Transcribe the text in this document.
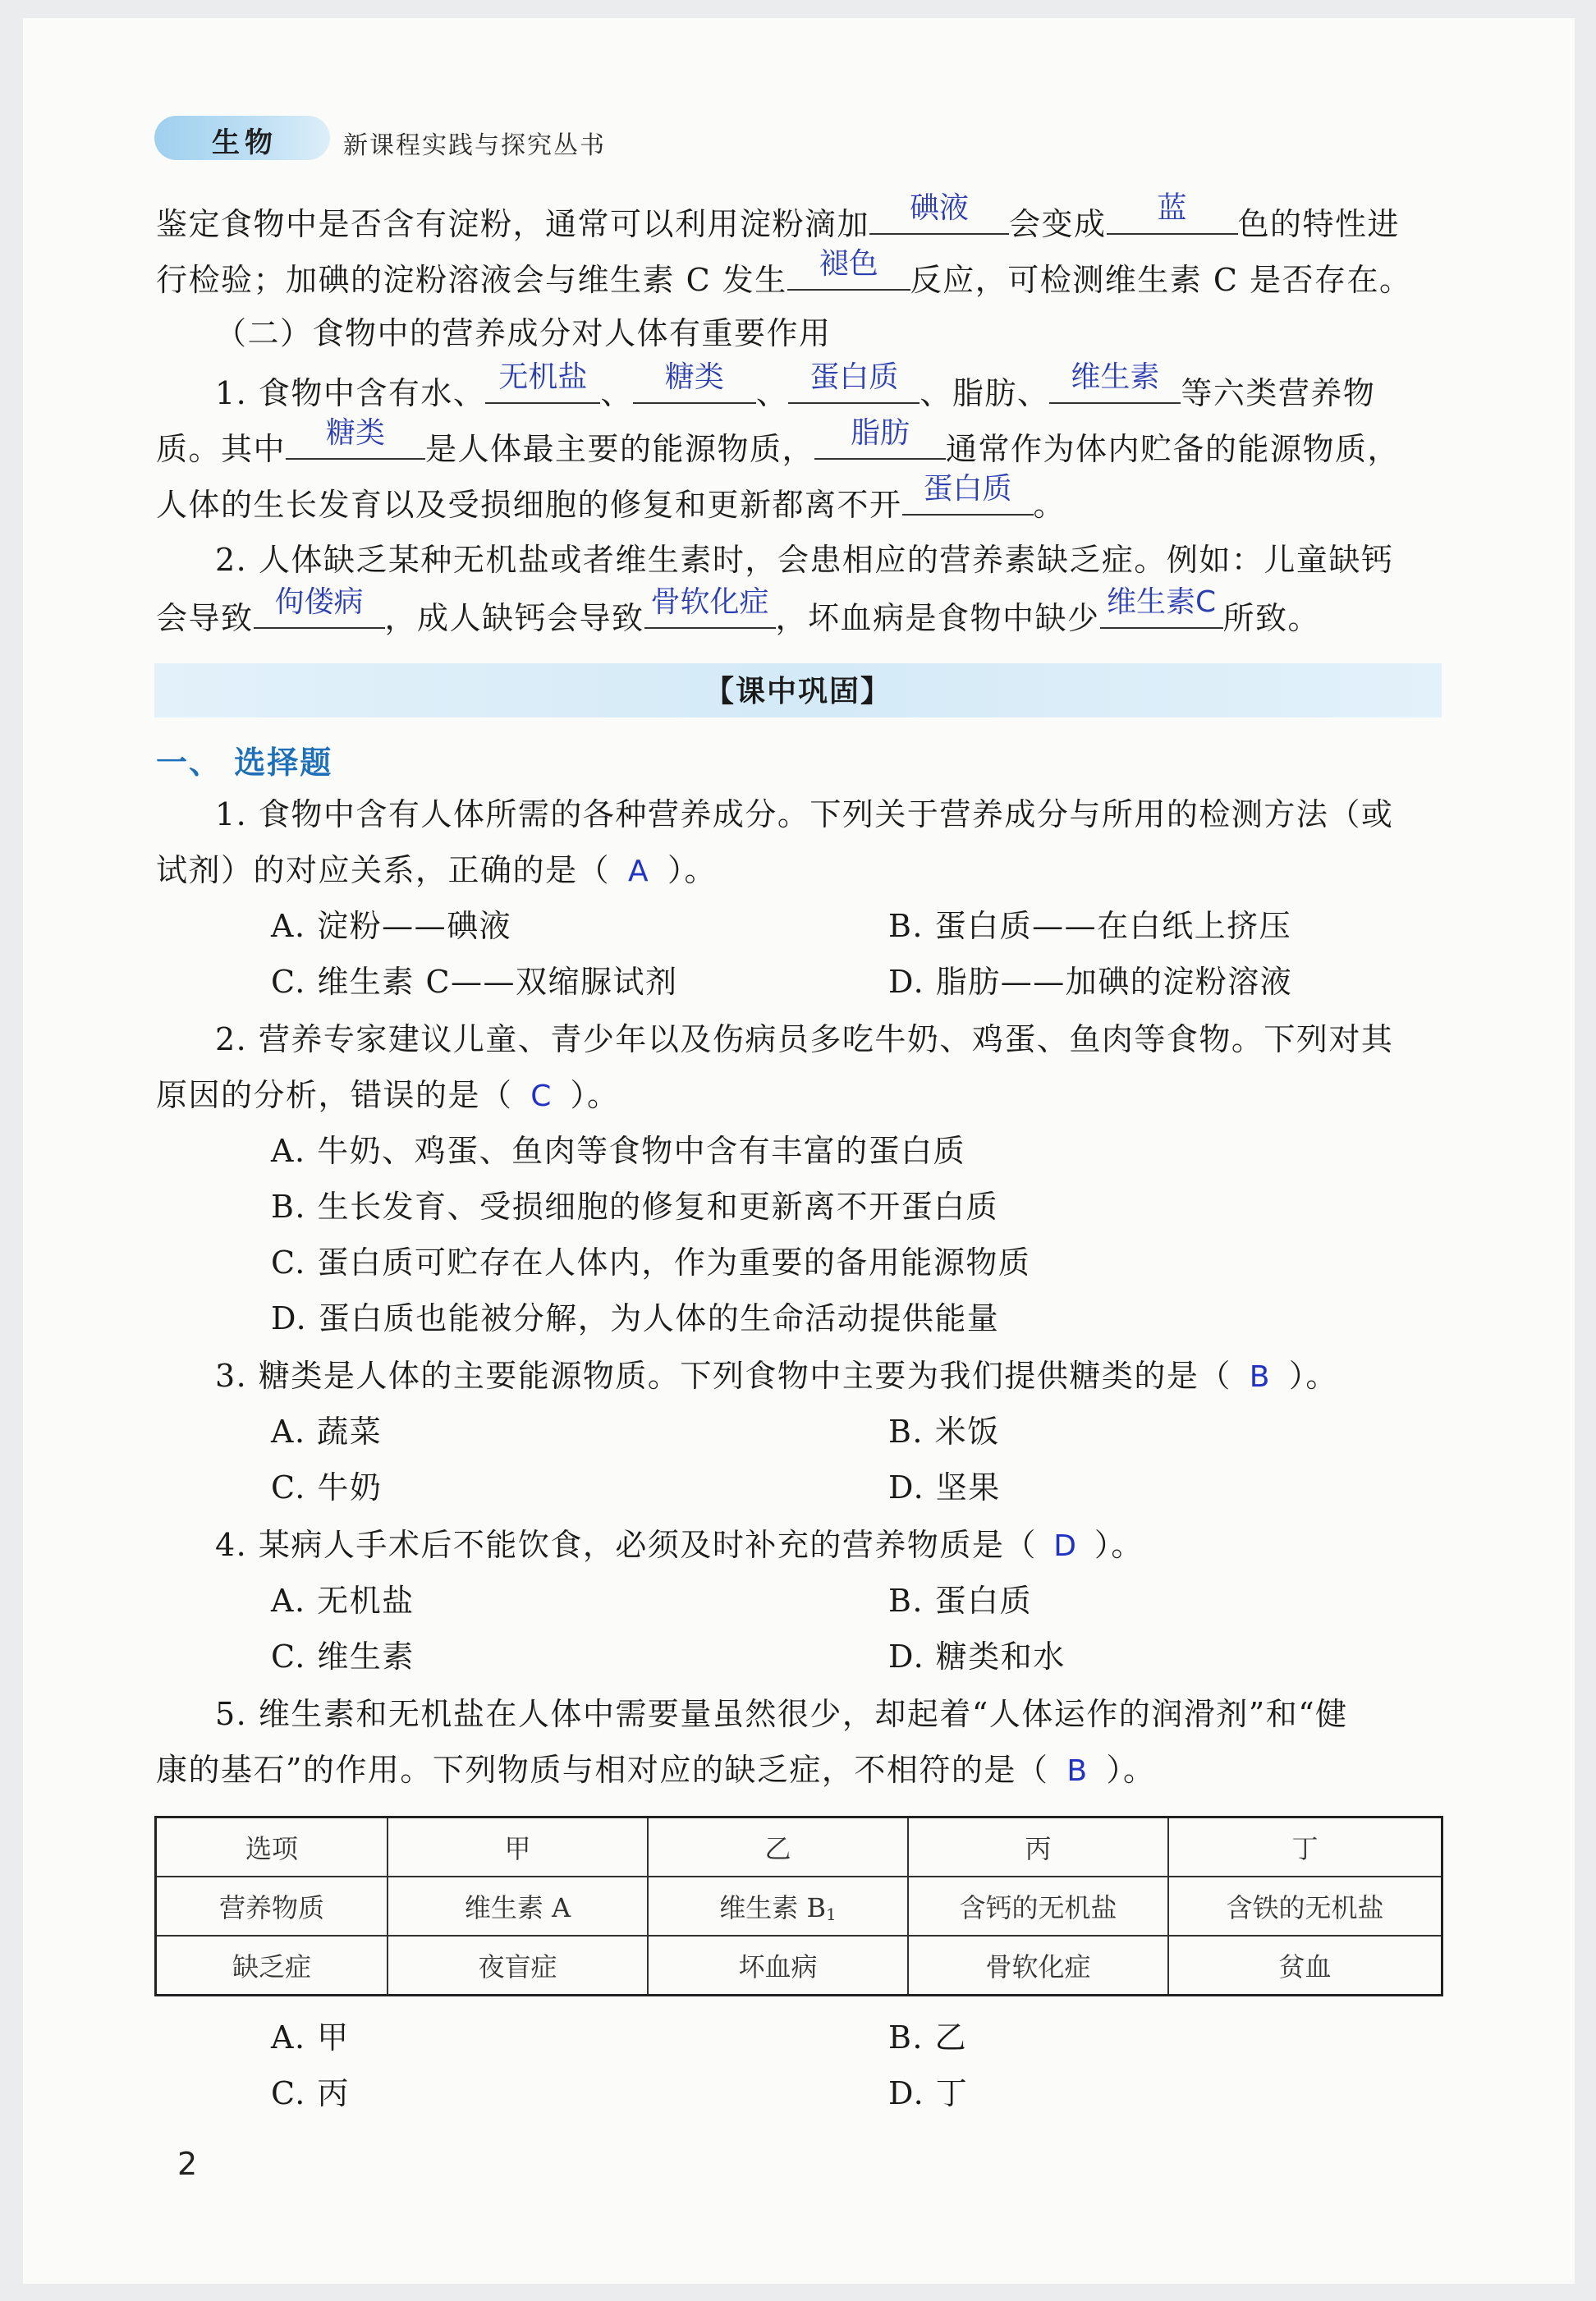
生物	新课程实践与探究丛书
鉴定食物中是否含有淀粉，通常可以利用淀粉滴加	碘液	会变成	蓝	色的特性进
行检验；加碘的淀粉溶液会与维生素 C 发生	褪色	反应，可检测维生素 C 是否存在。
（二）食物中的营养成分对人体有重要作用
1. 食物中含有水、 无机盐 、	糖类	、 蛋白质 、脂肪、 维生素 等六类营养物
质。其中	糖类	是人体最主要的能源物质，	脂肪	通常作为体内贮备的能源物质，
人体的生长发育以及受损细胞的修复和更新都离不开 蛋白质 。
2. 人体缺乏某种无机盐或者维生素时，会患相应的营养素缺乏症。例如：儿童缺钙
会导致 佝偻病 ，成人缺钙会导致 骨软化症 ，坏血病是食物中缺少 维生素C 所致。
【课中巩固】
一、 选择题
1. 食物中含有人体所需的各种营养成分。下列关于营养成分与所用的检测方法（或
试剂）的对应关系，正确的是（ A ）。
A. 淀粉——碘液	B. 蛋白质——在白纸上挤压
C. 维生素 C——双缩脲试剂	D. 脂肪——加碘的淀粉溶液
2. 营养专家建议儿童、青少年以及伤病员多吃牛奶、鸡蛋、鱼肉等食物。下列对其
原因的分析，错误的是（ C ）。
A. 牛奶、鸡蛋、鱼肉等食物中含有丰富的蛋白质
B. 生长发育、受损细胞的修复和更新离不开蛋白质
C. 蛋白质可贮存在人体内，作为重要的备用能源物质
D. 蛋白质也能被分解，为人体的生命活动提供能量
3. 糖类是人体的主要能源物质。下列食物中主要为我们提供糖类的是（ B ）。
A. 蔬菜	B. 米饭
C. 牛奶	D. 坚果
4. 某病人手术后不能饮食，必须及时补充的营养物质是（ D ）。
A. 无机盐	B. 蛋白质
C. 维生素	D. 糖类和水
5. 维生素和无机盐在人体中需要量虽然很少，却起着“人体运作的润滑剂”和“健
康的基石”的作用。下列物质与相对应的缺乏症，不相符的是（ B ）。
选项	甲	乙	丙	丁
营养物质	维生素 A	维生素 $B_1$	含钙的无机盐	含铁的无机盐
缺乏症	夜盲症	坏血病	骨软化症	贫血
A. 甲	B. 乙
C. 丙	D. 丁
2
